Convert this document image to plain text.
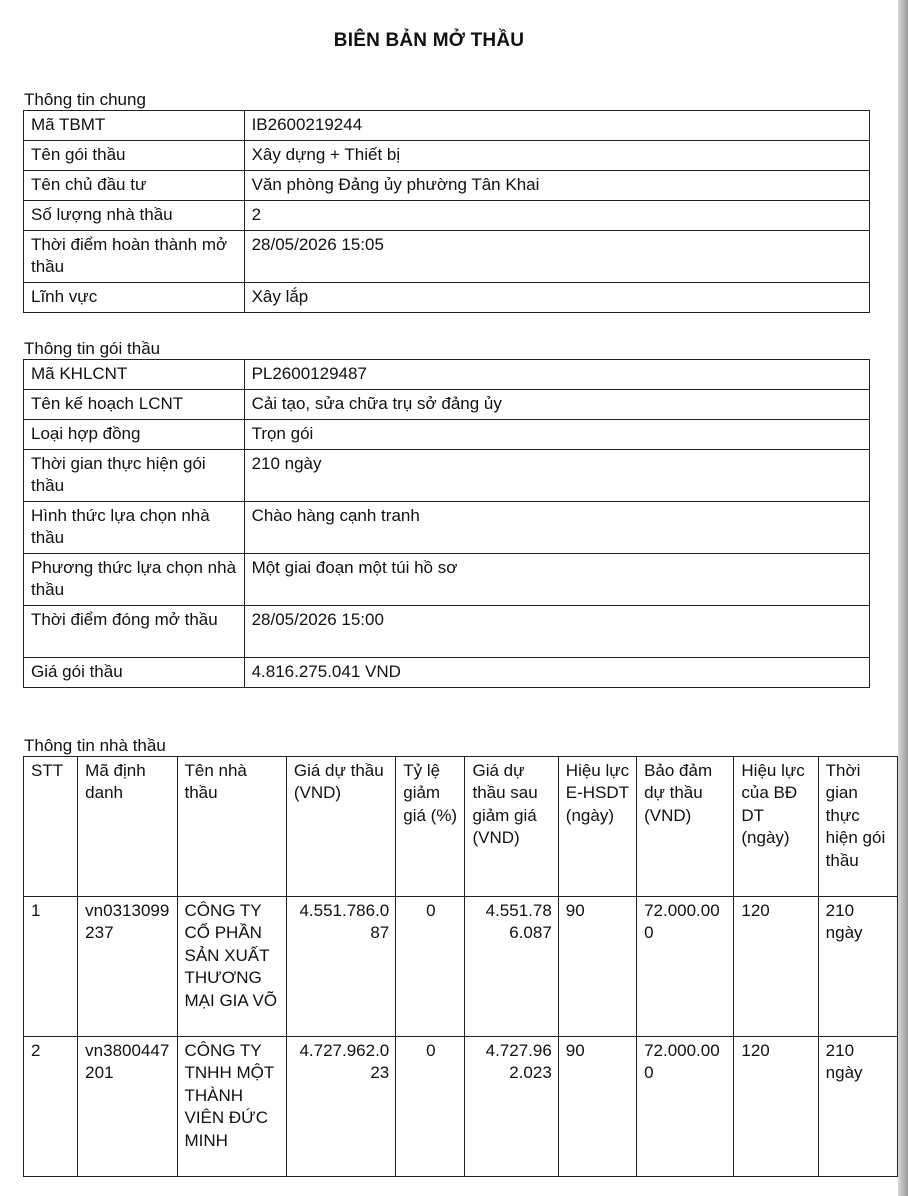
BIÊN BẢN MỞ THẦU
Thông tin chung
Mã TBMT	IB2600219244
Tên gói thầu	Xây dựng + Thiết bị
Tên chủ đầu tư	Văn phòng Đảng ủy phường Tân Khai
Số lượng nhà thầu	2
Thời điểm hoàn thành mở thầu	28/05/2026 15:05
Lĩnh vực	Xây lắp
Thông tin gói thầu
Mã KHLCNT	PL2600129487
Tên kế hoạch LCNT	Cải tạo, sửa chữa trụ sở đảng ủy
Loại hợp đồng	Trọn gói
Thời gian thực hiện gói thầu	210 ngày
Hình thức lựa chọn nhà thầu	Chào hàng cạnh tranh
Phương thức lựa chọn nhà thầu	Một giai đoạn một túi hồ sơ
Thời điểm đóng mở thầu	28/05/2026 15:00
Giá gói thầu	4.816.275.041 VND
Thông tin nhà thầu
STT	Mã định danh	Tên nhà thầu	Giá dự thầu (VND)	Tỷ lệ giảm giá (%)	Giá dự thầu sau giảm giá (VND)	Hiệu lực E-HSDT (ngày)	Bảo đảm dự thầu (VND)	Hiệu lực của BĐ DT (ngày)	Thời gian thực hiện gói thầu
1	vn0313099237	CÔNG TY CỔ PHẦN SẢN XUẤT THƯƠNG MẠI GIA VÕ	4.551.786.087	0	4.551.786.087	90	72.000.000	120	210 ngày
2	vn3800447201	CÔNG TY TNHH MỘT THÀNH VIÊN ĐỨC MINH	4.727.962.023	0	4.727.962.023	90	72.000.000	120	210 ngày
